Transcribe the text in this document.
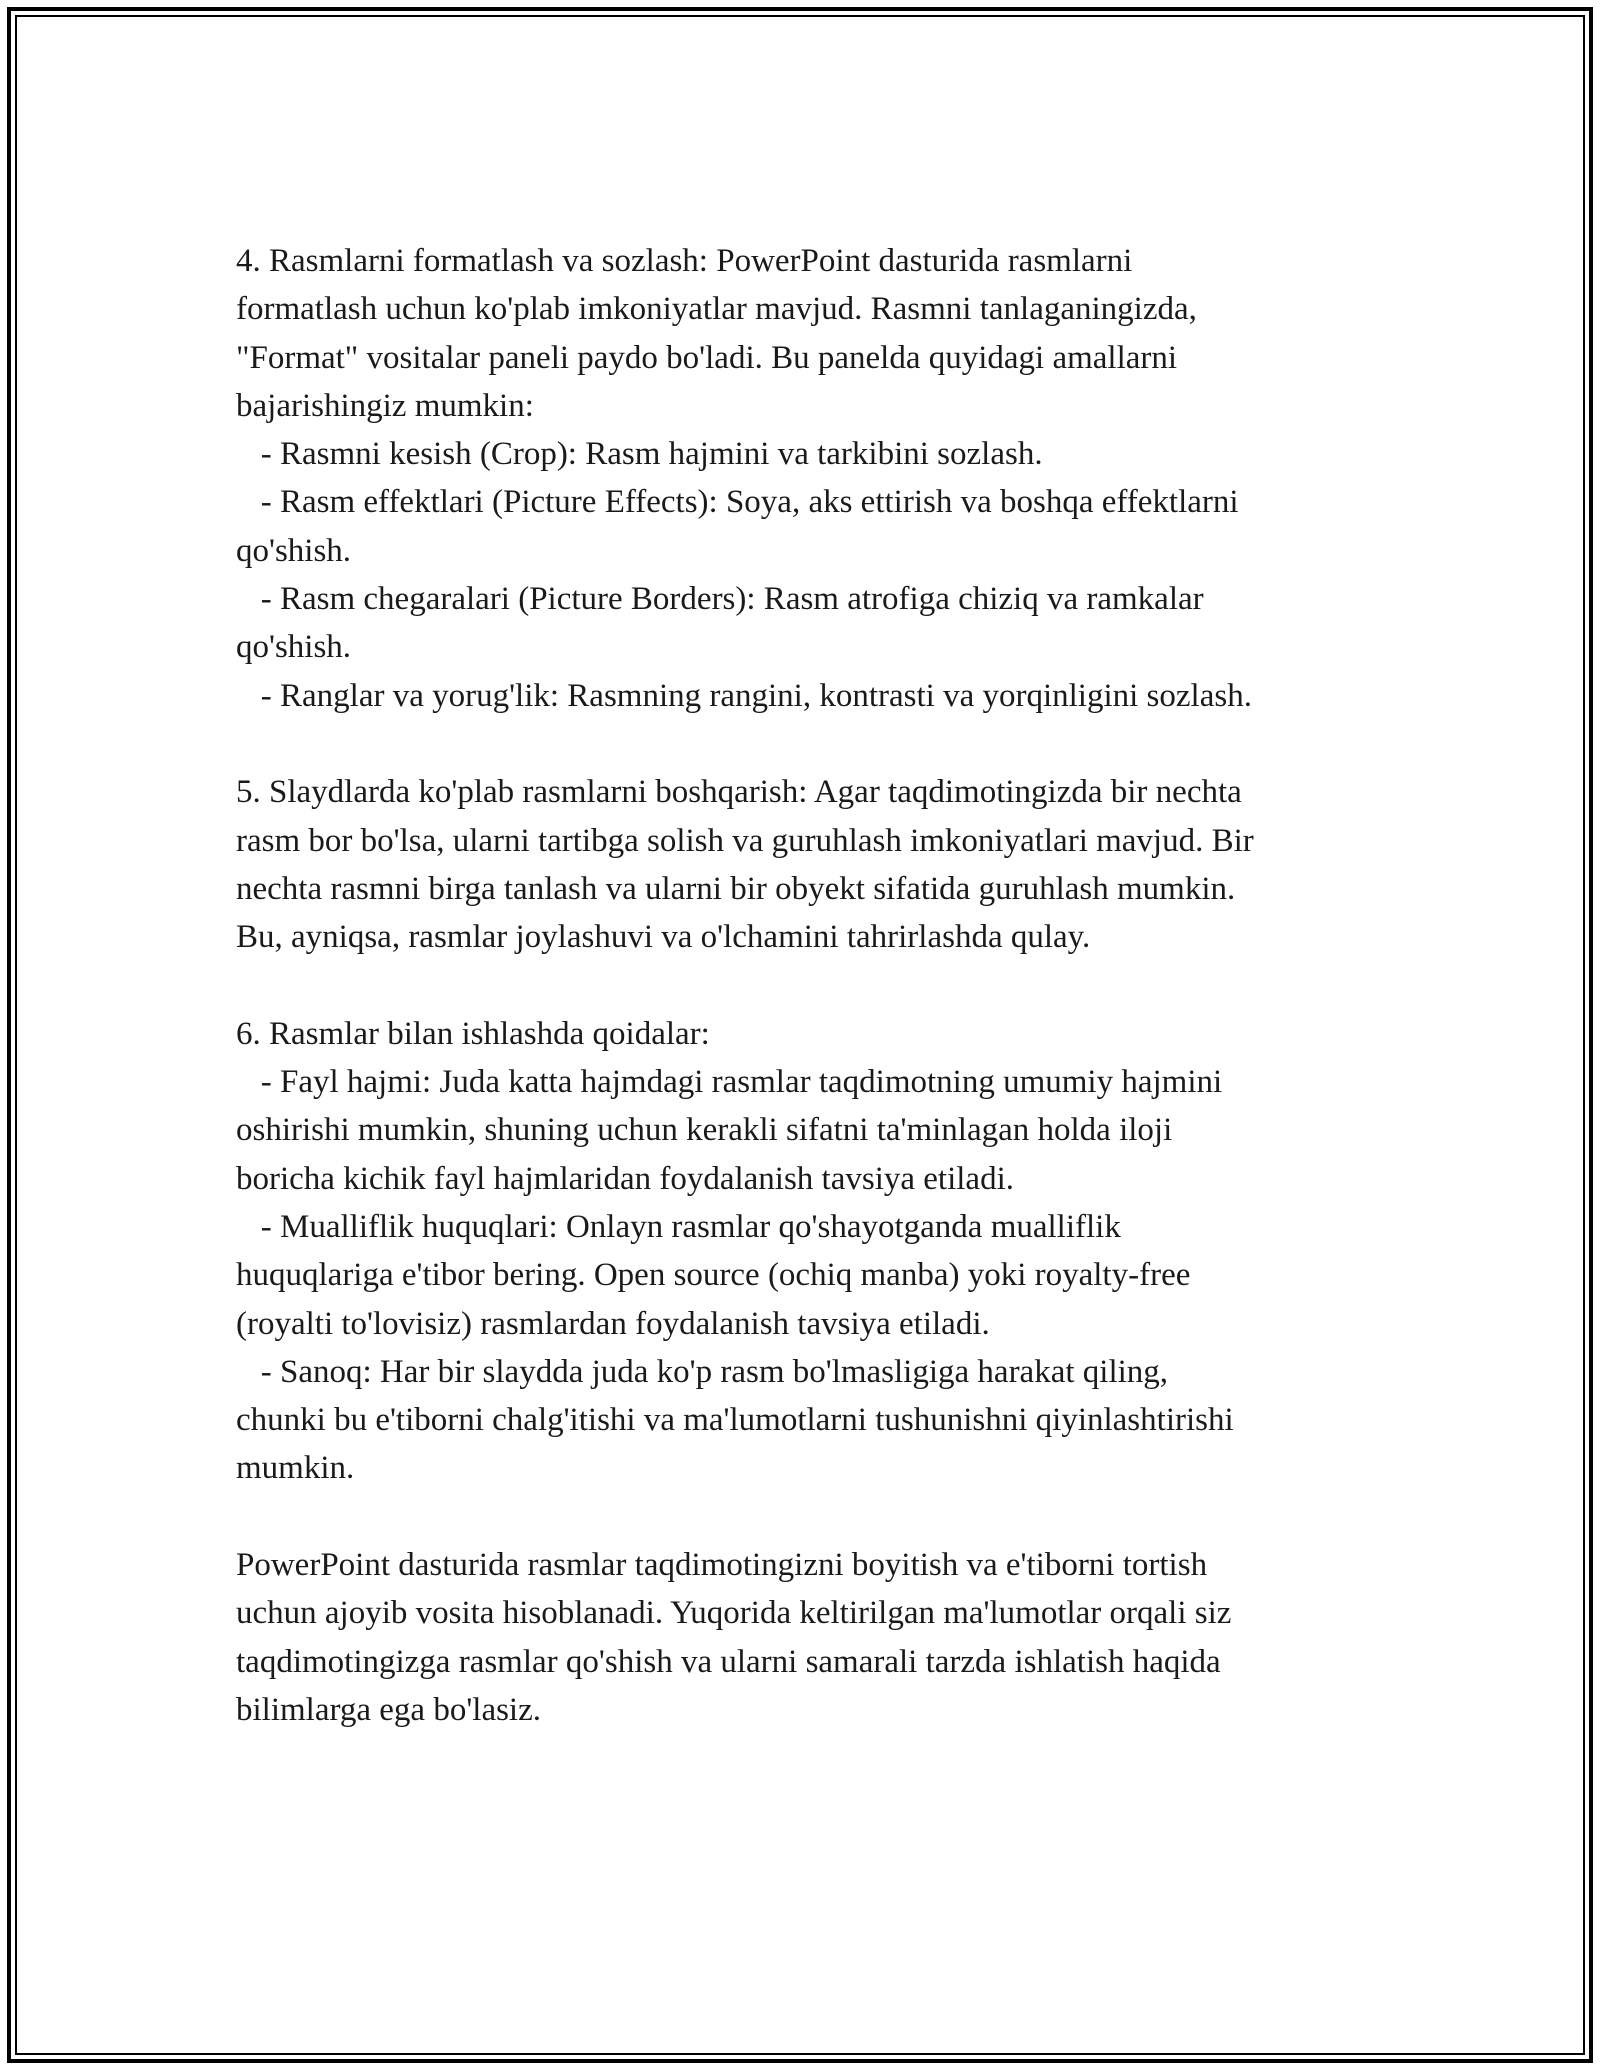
4. Rasmlarni formatlash va sozlash: PowerPoint dasturida rasmlarni

formatlash uchun ko'plab imkoniyatlar mavjud. Rasmni tanlaganingizda,

"Format" vositalar paneli paydo bo'ladi. Bu panelda quyidagi amallarni

bajarishingiz mumkin:

- Rasmni kesish (Crop): Rasm hajmini va tarkibini sozlash.

- Rasm effektlari (Picture Effects): Soya, aks ettirish va boshqa effektlarni

qo'shish.

- Rasm chegaralari (Picture Borders): Rasm atrofiga chiziq va ramkalar

qo'shish.

- Ranglar va yorug'lik: Rasmning rangini, kontrasti va yorqinligini sozlash.

5. Slaydlarda ko'plab rasmlarni boshqarish: Agar taqdimotingizda bir nechta

rasm bor bo'lsa, ularni tartibga solish va guruhlash imkoniyatlari mavjud. Bir

nechta rasmni birga tanlash va ularni bir obyekt sifatida guruhlash mumkin.

Bu, ayniqsa, rasmlar joylashuvi va o'lchamini tahrirlashda qulay.

6. Rasmlar bilan ishlashda qoidalar:

- Fayl hajmi: Juda katta hajmdagi rasmlar taqdimotning umumiy hajmini

oshirishi mumkin, shuning uchun kerakli sifatni ta'minlagan holda iloji

boricha kichik fayl hajmlaridan foydalanish tavsiya etiladi.

- Mualliflik huquqlari: Onlayn rasmlar qo'shayotganda mualliflik

huquqlariga e'tibor bering. Open source (ochiq manba) yoki royalty-free

(royalti to'lovisiz) rasmlardan foydalanish tavsiya etiladi.

- Sanoq: Har bir slaydda juda ko'p rasm bo'lmasligiga harakat qiling,

chunki bu e'tiborni chalg'itishi va ma'lumotlarni tushunishni qiyinlashtirishi

mumkin.

PowerPoint dasturida rasmlar taqdimotingizni boyitish va e'tiborni tortish

uchun ajoyib vosita hisoblanadi. Yuqorida keltirilgan ma'lumotlar orqali siz

taqdimotingizga rasmlar qo'shish va ularni samarali tarzda ishlatish haqida

bilimlarga ega bo'lasiz.
